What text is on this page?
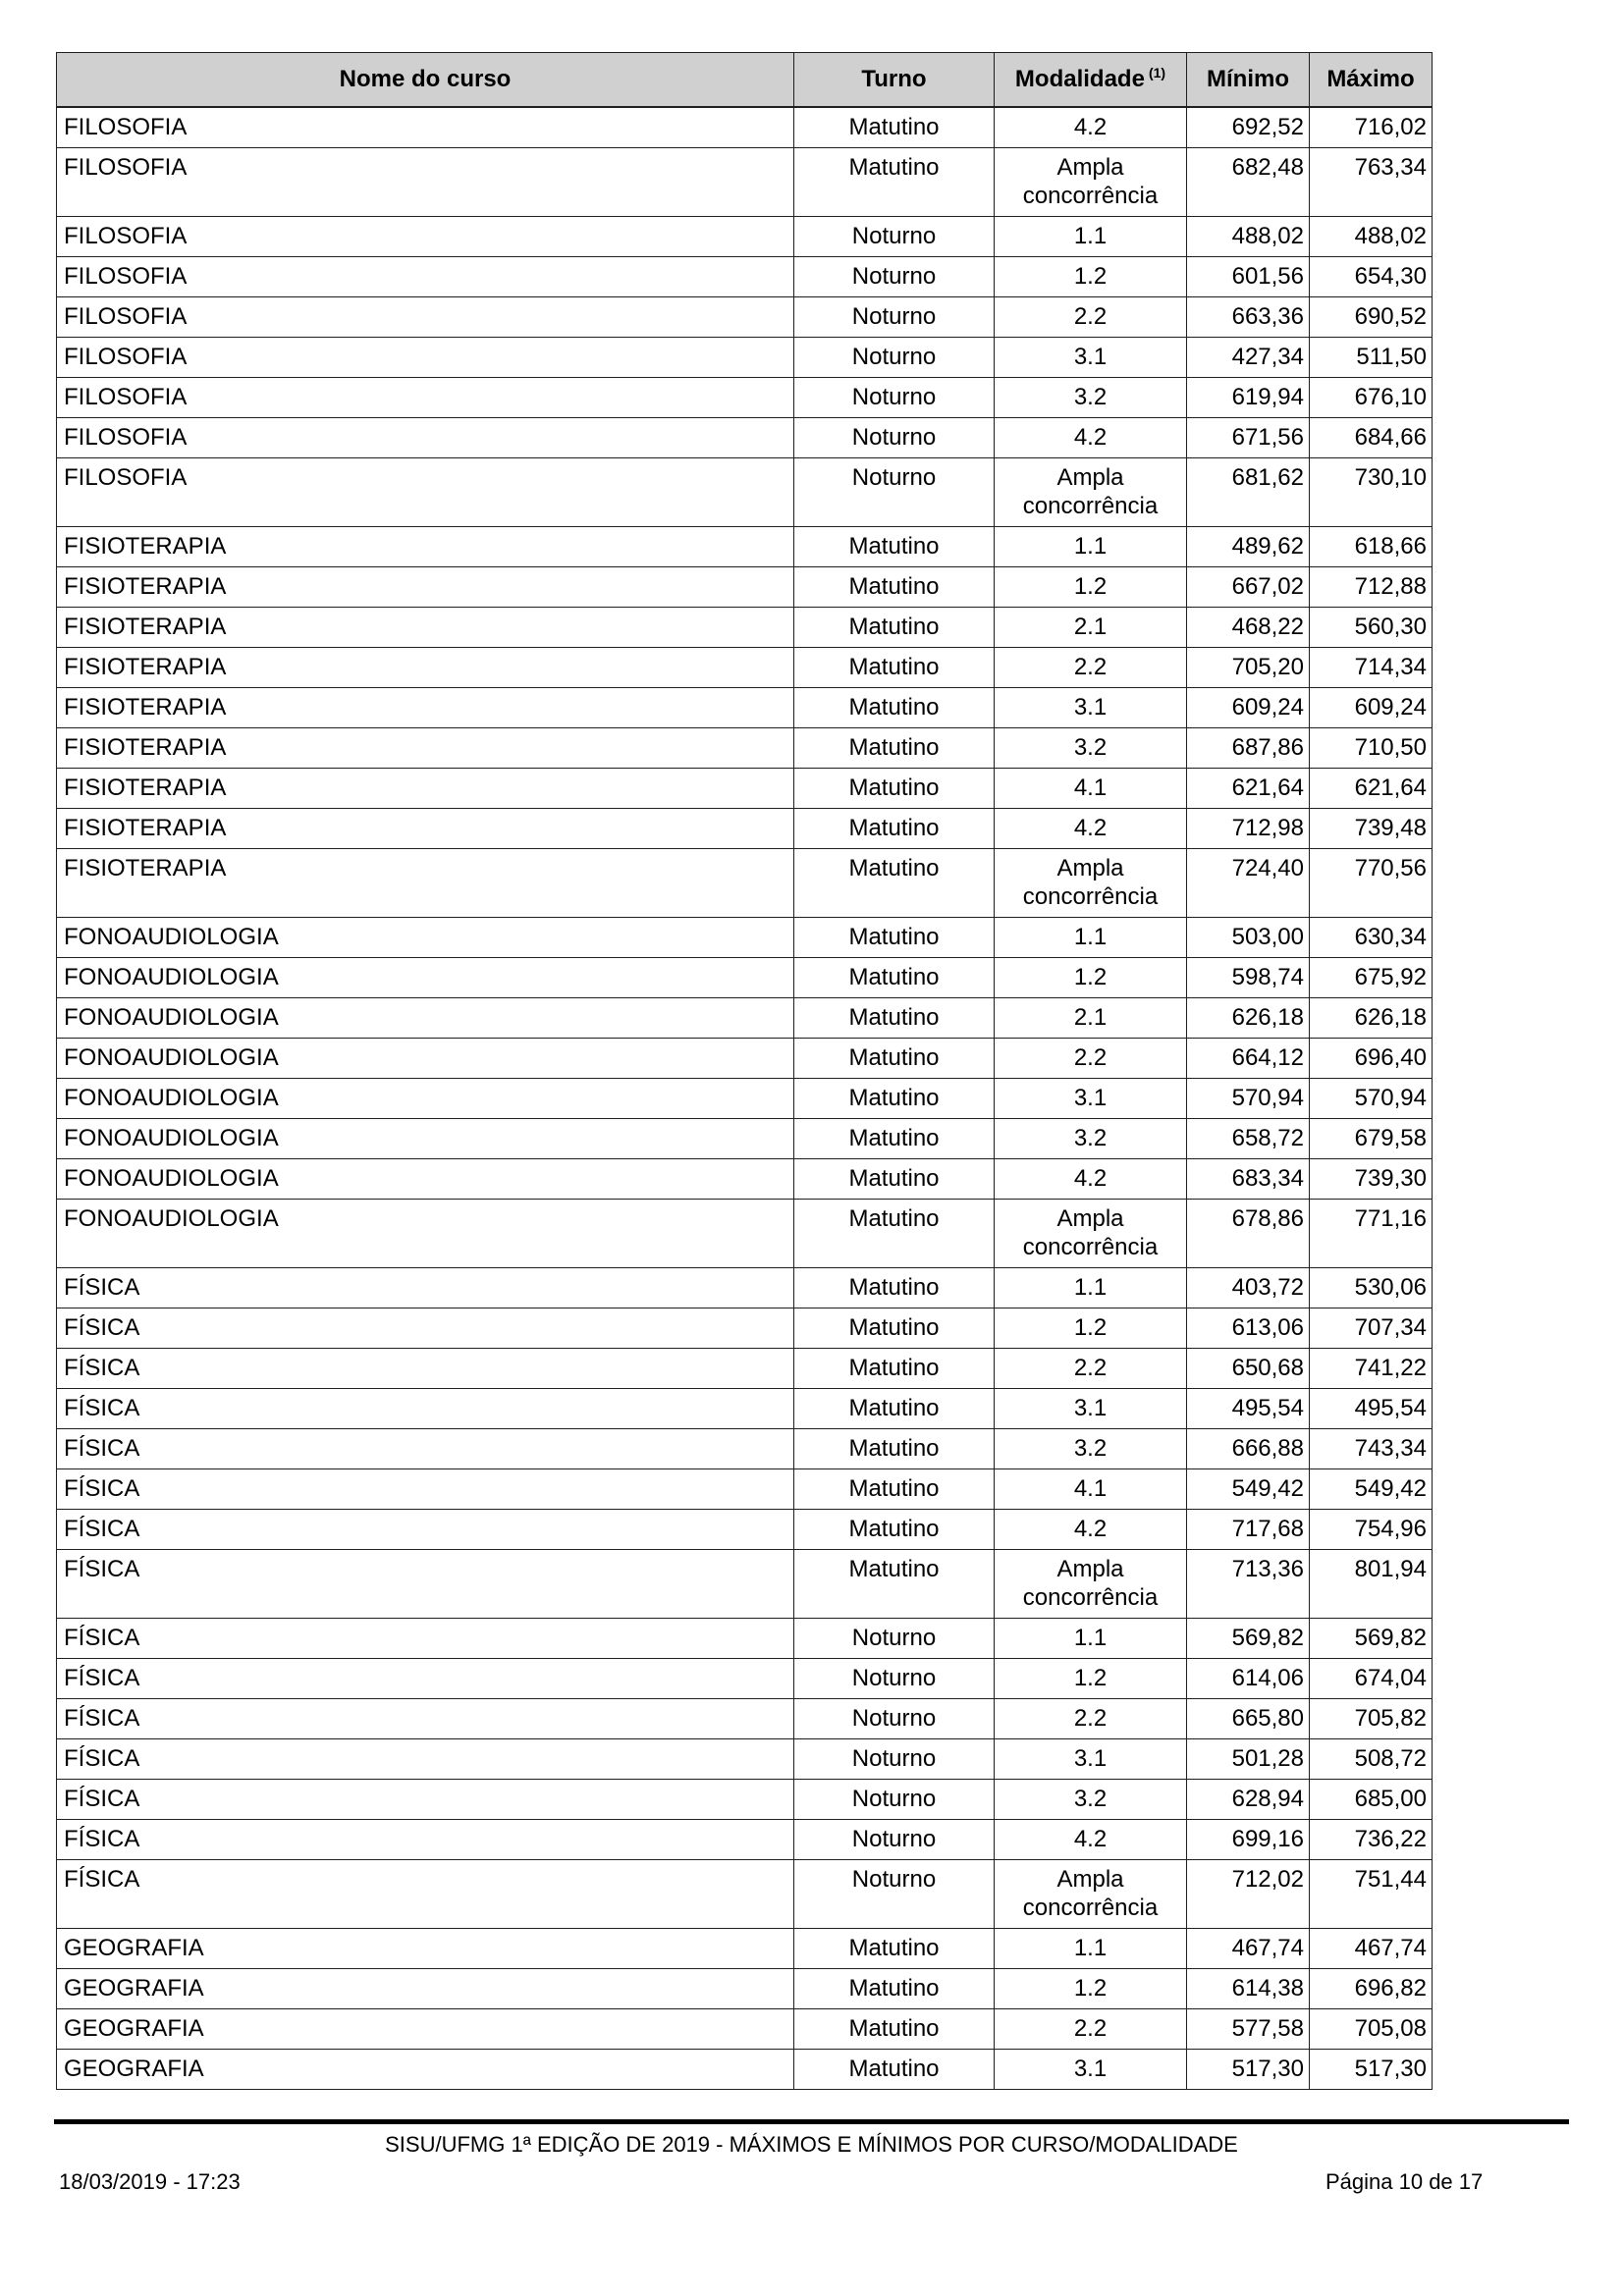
Nome do curso	Turno	Modalidade $^{(1)}$	Mínimo	Máximo
FILOSOFIA	Matutino	4.2	692,52	716,02
FILOSOFIA	Matutino	Ampla concorrência	682,48	763,34
FILOSOFIA	Noturno	1.1	488,02	488,02
FILOSOFIA	Noturno	1.2	601,56	654,30
FILOSOFIA	Noturno	2.2	663,36	690,52
FILOSOFIA	Noturno	3.1	427,34	511,50
FILOSOFIA	Noturno	3.2	619,94	676,10
FILOSOFIA	Noturno	4.2	671,56	684,66
FILOSOFIA	Noturno	Ampla concorrência	681,62	730,10
FISIOTERAPIA	Matutino	1.1	489,62	618,66
FISIOTERAPIA	Matutino	1.2	667,02	712,88
FISIOTERAPIA	Matutino	2.1	468,22	560,30
FISIOTERAPIA	Matutino	2.2	705,20	714,34
FISIOTERAPIA	Matutino	3.1	609,24	609,24
FISIOTERAPIA	Matutino	3.2	687,86	710,50
FISIOTERAPIA	Matutino	4.1	621,64	621,64
FISIOTERAPIA	Matutino	4.2	712,98	739,48
FISIOTERAPIA	Matutino	Ampla concorrência	724,40	770,56
FONOAUDIOLOGIA	Matutino	1.1	503,00	630,34
FONOAUDIOLOGIA	Matutino	1.2	598,74	675,92
FONOAUDIOLOGIA	Matutino	2.1	626,18	626,18
FONOAUDIOLOGIA	Matutino	2.2	664,12	696,40
FONOAUDIOLOGIA	Matutino	3.1	570,94	570,94
FONOAUDIOLOGIA	Matutino	3.2	658,72	679,58
FONOAUDIOLOGIA	Matutino	4.2	683,34	739,30
FONOAUDIOLOGIA	Matutino	Ampla concorrência	678,86	771,16
FÍSICA	Matutino	1.1	403,72	530,06
FÍSICA	Matutino	1.2	613,06	707,34
FÍSICA	Matutino	2.2	650,68	741,22
FÍSICA	Matutino	3.1	495,54	495,54
FÍSICA	Matutino	3.2	666,88	743,34
FÍSICA	Matutino	4.1	549,42	549,42
FÍSICA	Matutino	4.2	717,68	754,96
FÍSICA	Matutino	Ampla concorrência	713,36	801,94
FÍSICA	Noturno	1.1	569,82	569,82
FÍSICA	Noturno	1.2	614,06	674,04
FÍSICA	Noturno	2.2	665,80	705,82
FÍSICA	Noturno	3.1	501,28	508,72
FÍSICA	Noturno	3.2	628,94	685,00
FÍSICA	Noturno	4.2	699,16	736,22
FÍSICA	Noturno	Ampla concorrência	712,02	751,44
GEOGRAFIA	Matutino	1.1	467,74	467,74
GEOGRAFIA	Matutino	1.2	614,38	696,82
GEOGRAFIA	Matutino	2.2	577,58	705,08
GEOGRAFIA	Matutino	3.1	517,30	517,30
SISU/UFMG 1ª EDIÇÃO DE 2019 - MÁXIMOS E MÍNIMOS POR CURSO/MODALIDADE
18/03/2019 - 17:23	Página 10 de 17
